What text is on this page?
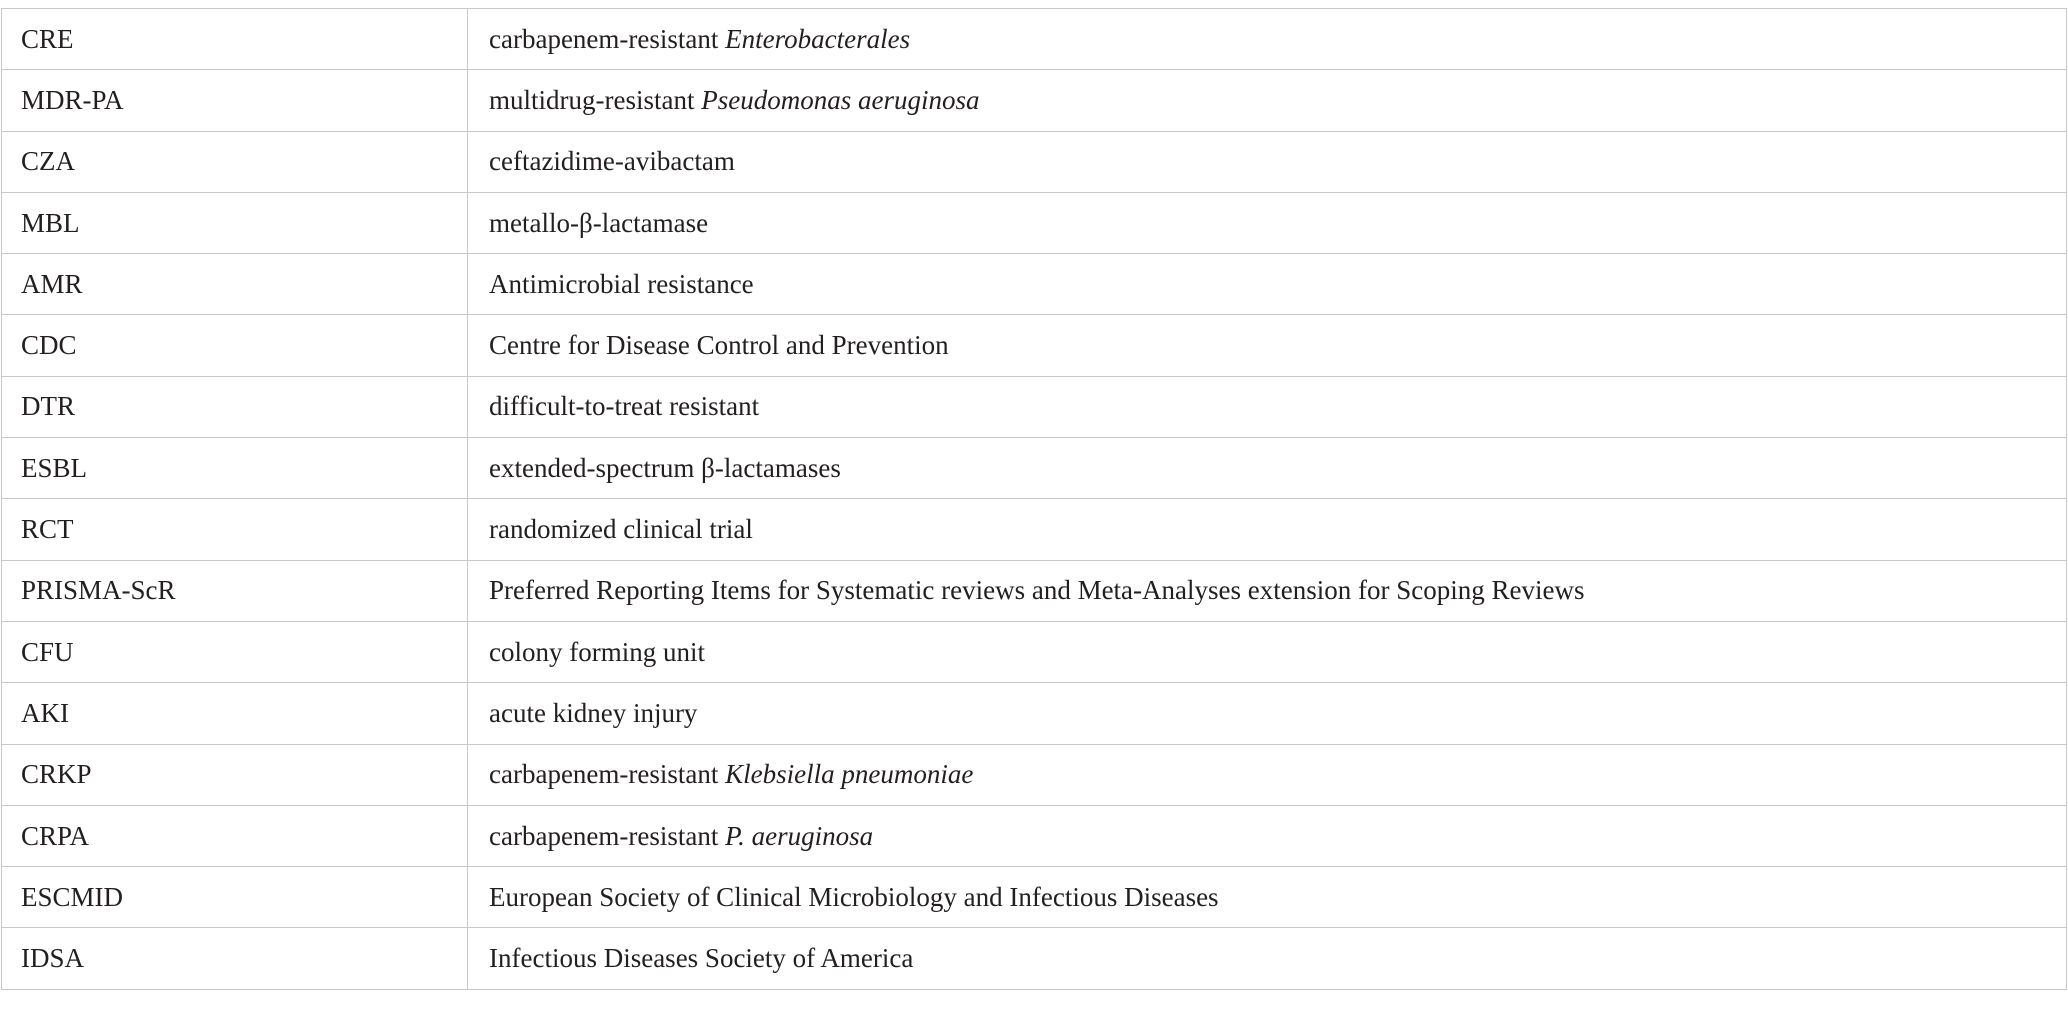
CRE	carbapenem-resistant Enterobacterales
MDR-PA	multidrug-resistant Pseudomonas aeruginosa
CZA	ceftazidime-avibactam
MBL	metallo-β-lactamase
AMR	Antimicrobial resistance
CDC	Centre for Disease Control and Prevention
DTR	difficult-to-treat resistant
ESBL	extended-spectrum β-lactamases
RCT	randomized clinical trial
PRISMA-ScR	Preferred Reporting Items for Systematic reviews and Meta-Analyses extension for Scoping Reviews
CFU	colony forming unit
AKI	acute kidney injury
CRKP	carbapenem-resistant Klebsiella pneumoniae
CRPA	carbapenem-resistant P. aeruginosa
ESCMID	European Society of Clinical Microbiology and Infectious Diseases
IDSA	Infectious Diseases Society of America
